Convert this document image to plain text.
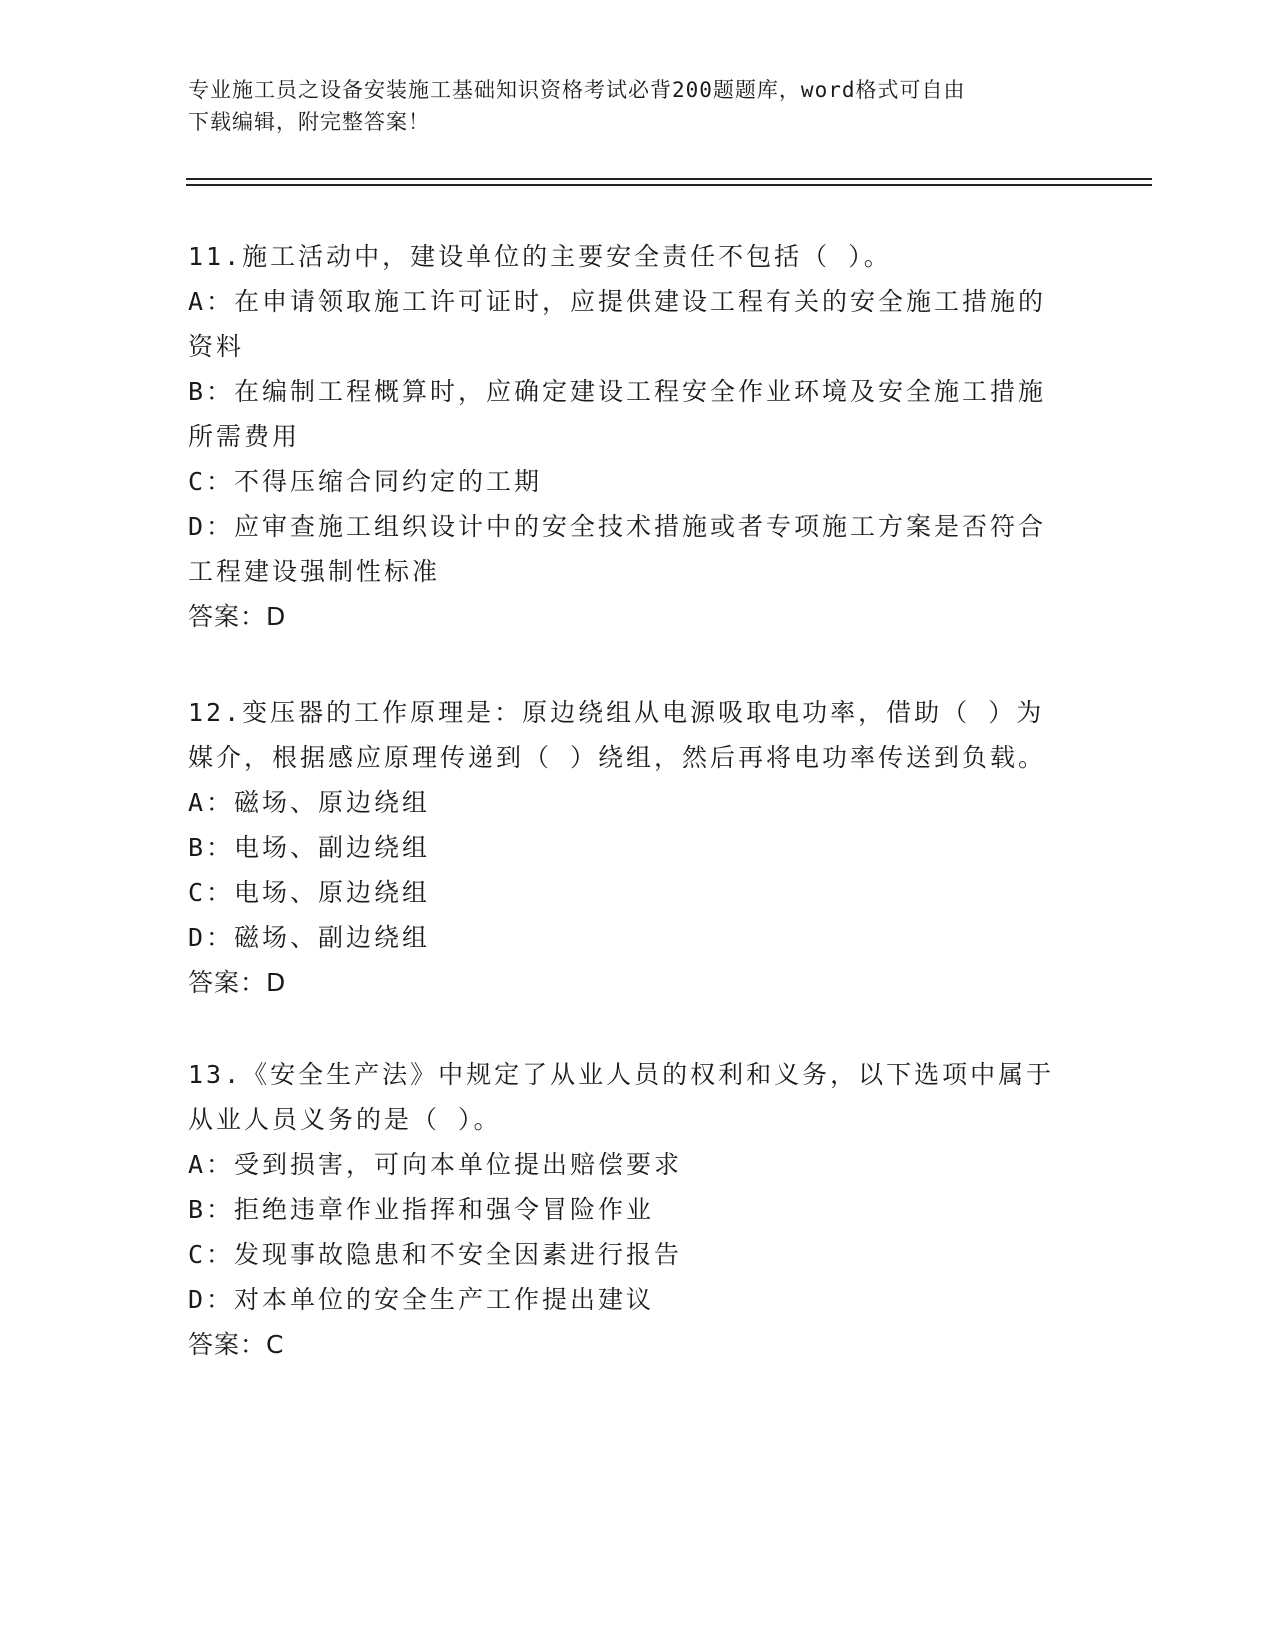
专业施工员之设备安装施工基础知识资格考试必背200题题库，word格式可自由
下载编辑，附完整答案！
11.施工活动中，建设单位的主要安全责任不包括（ ）。
A：在申请领取施工许可证时，应提供建设工程有关的安全施工措施的
资料
B：在编制工程概算时，应确定建设工程安全作业环境及安全施工措施
所需费用
C：不得压缩合同约定的工期
D：应审查施工组织设计中的安全技术措施或者专项施工方案是否符合
工程建设强制性标准
答案：D
12.变压器的工作原理是：原边绕组从电源吸取电功率，借助（ ）为
媒介，根据感应原理传递到（ ）绕组，然后再将电功率传送到负载。
A：磁场、原边绕组
B：电场、副边绕组
C：电场、原边绕组
D：磁场、副边绕组
答案：D
13.《安全生产法》中规定了从业人员的权利和义务，以下选项中属于
从业人员义务的是（ ）。
A：受到损害，可向本单位提出赔偿要求
B：拒绝违章作业指挥和强令冒险作业
C：发现事故隐患和不安全因素进行报告
D：对本单位的安全生产工作提出建议
答案：C
